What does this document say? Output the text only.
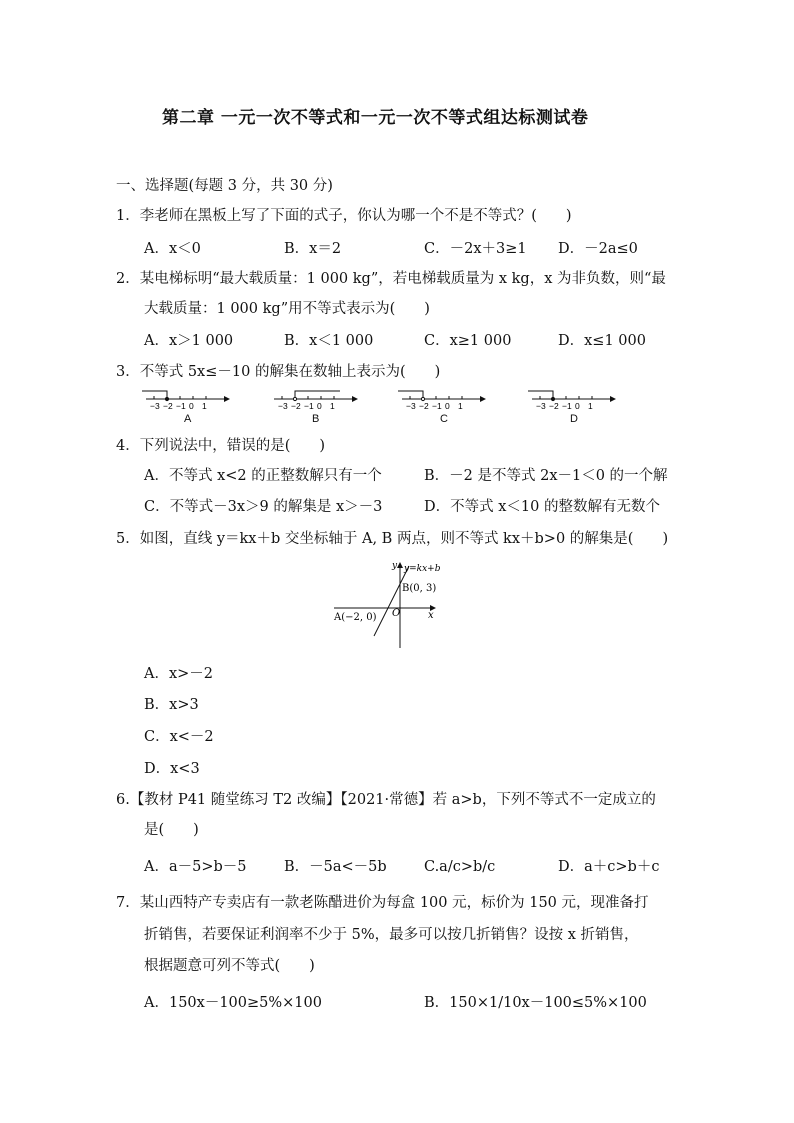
第二章 一元一次不等式和一元一次不等式组达标测试卷
一、选择题(每题 3 分，共 30 分)
1．李老师在黑板上写了下面的式子，你认为哪一个不是不等式？(　　)
A．x＜0	B．x＝2	C．－2x＋3≥1 D．－2a≤0
2．某电梯标明“最大载质量：1 000 kg”，若电梯载质量为 x kg，x 为非负数，则“最
大载质量：1 000 kg”用不等式表示为(　　)
A．x＞1 000	B．x＜1 000	C．x≥1 000	D．x≤1 000
3．不等式 5x≤－10 的解集在数轴上表示为(　　)
−3 −2 −1 0 1
A
−3 −2 −1 0 1
B
−3 −2 −1 0 1
C
−3 −2 −1 0 1
D
4．下列说法中，错误的是(　　)
A．不等式 x<2 的正整数解只有一个	B．－2 是不等式 2x－1＜0 的一个解
C．不等式－3x＞9 的解集是 x＞－3	D．不等式 x＜10 的整数解有无数个
5．如图，直线 y＝kx＋b 交坐标轴于 A, B 两点，则不等式 kx＋b>0 的解集是(　　)
y y=kx+b
B(0, 3)
O	x
A(−2, 0)
A．x>－2
B．x>3
C．x<－2
D．x<3
6.【教材 P41 随堂练习 T2 改编】【2021·常德】若 a>b，下列不等式不一定成立的
是(　　)
A．a－5>b－5	B．－5a<－5b	C.a/c>b/c	D．a＋c>b＋c
7．某山西特产专卖店有一款老陈醋进价为每盒 100 元，标价为 150 元，现准备打
折销售，若要保证利润率不少于 5%，最多可以按几折销售？设按 x 折销售，
根据题意可列不等式(　　)
A．150x－100≥5%×100	B．150×1/10x－100≤5%×100
